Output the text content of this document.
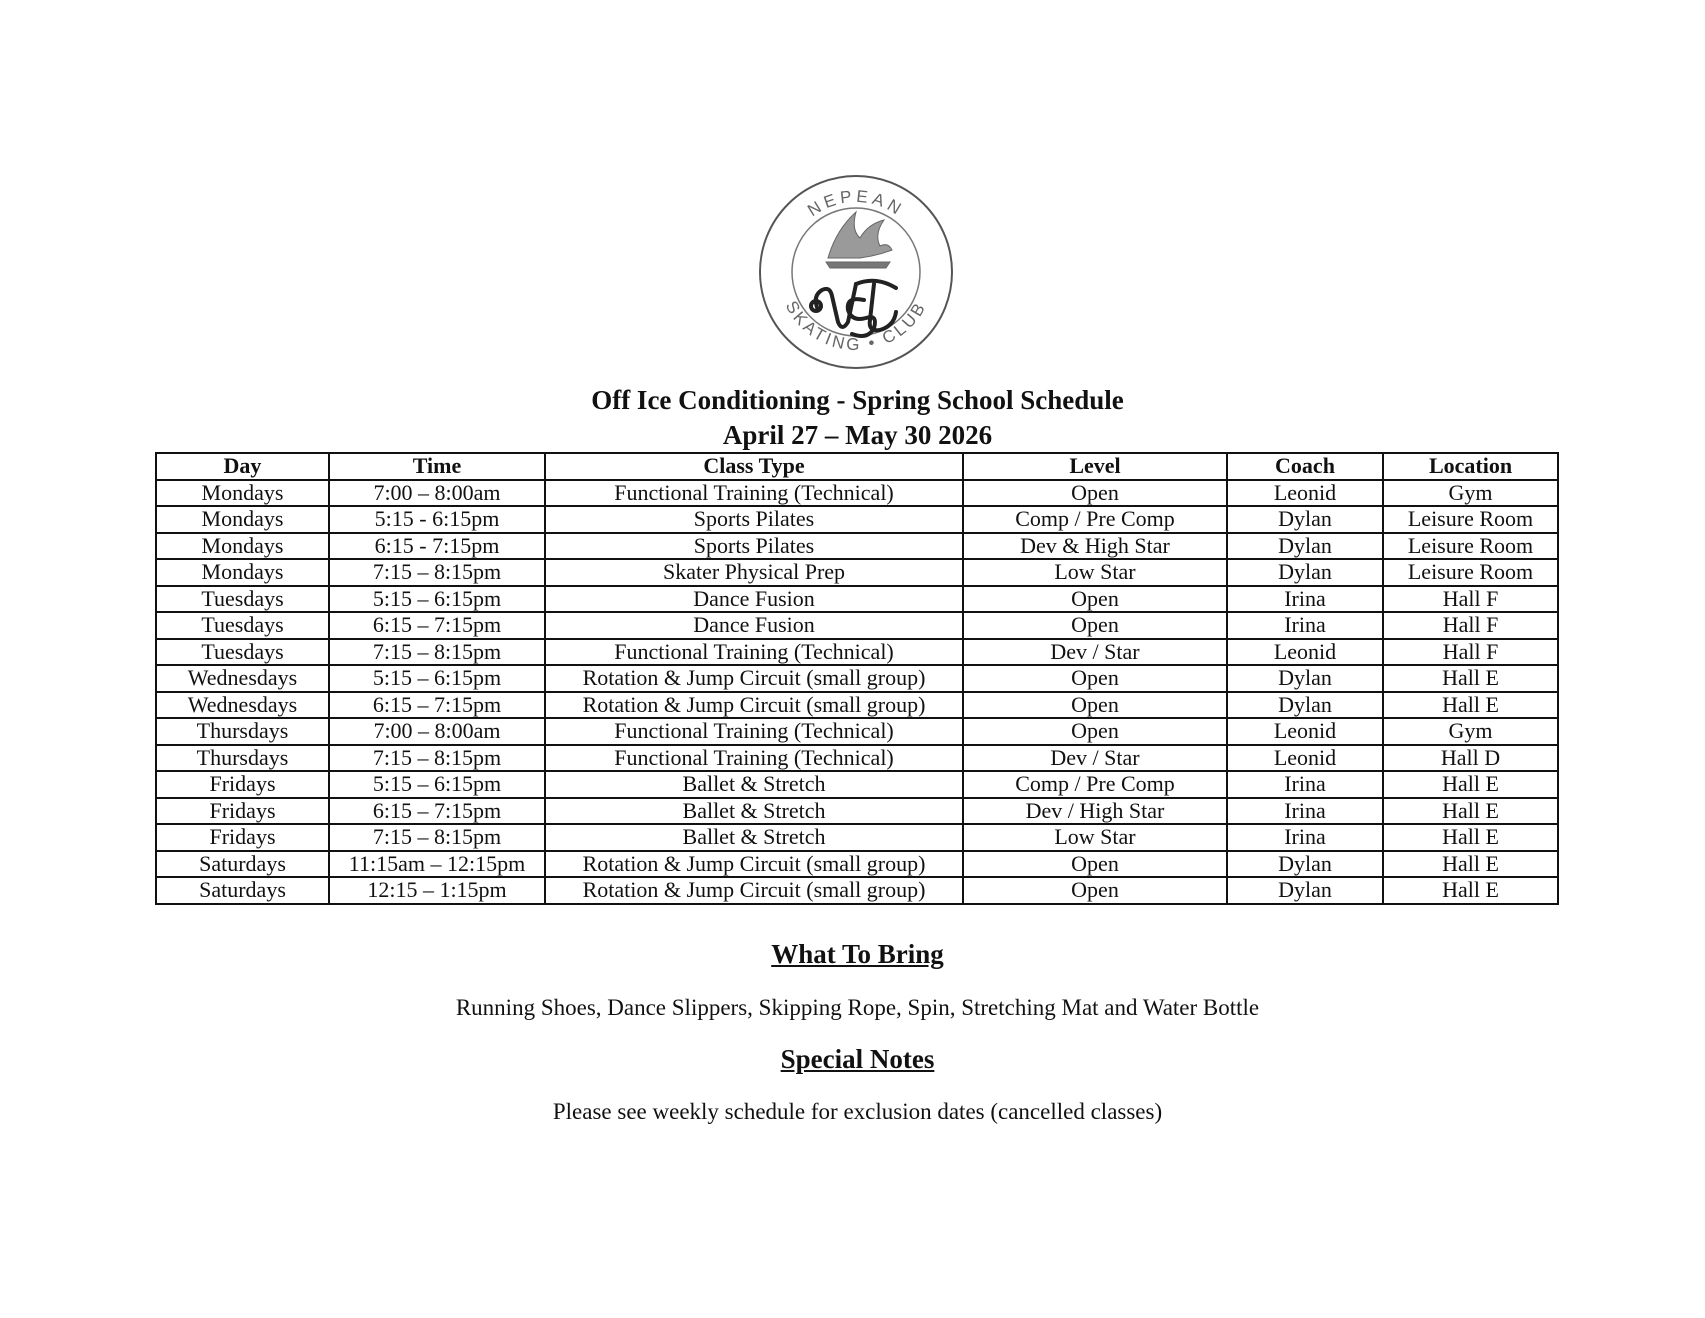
NEPEAN
SKATING • CLUB
Off Ice Conditioning - Spring School Schedule
April 27 – May 30 2026
Day	Time	Class Type	Level	Coach	Location
Mondays	7:00 – 8:00am	Functional Training (Technical)	Open	Leonid	Gym
Mondays	5:15 - 6:15pm	Sports Pilates	Comp / Pre Comp	Dylan	Leisure Room
Mondays	6:15 - 7:15pm	Sports Pilates	Dev & High Star	Dylan	Leisure Room
Mondays	7:15 – 8:15pm	Skater Physical Prep	Low Star	Dylan	Leisure Room
Tuesdays	5:15 – 6:15pm	Dance Fusion	Open	Irina	Hall F
Tuesdays	6:15 – 7:15pm	Dance Fusion	Open	Irina	Hall F
Tuesdays	7:15 – 8:15pm	Functional Training (Technical)	Dev / Star	Leonid	Hall F
Wednesdays	5:15 – 6:15pm	Rotation & Jump Circuit (small group)	Open	Dylan	Hall E
Wednesdays	6:15 – 7:15pm	Rotation & Jump Circuit (small group)	Open	Dylan	Hall E
Thursdays	7:00 – 8:00am	Functional Training (Technical)	Open	Leonid	Gym
Thursdays	7:15 – 8:15pm	Functional Training (Technical)	Dev / Star	Leonid	Hall D
Fridays	5:15 – 6:15pm	Ballet & Stretch	Comp / Pre Comp	Irina	Hall E
Fridays	6:15 – 7:15pm	Ballet & Stretch	Dev / High Star	Irina	Hall E
Fridays	7:15 – 8:15pm	Ballet & Stretch	Low Star	Irina	Hall E
Saturdays	11:15am – 12:15pm	Rotation & Jump Circuit (small group)	Open	Dylan	Hall E
Saturdays	12:15 – 1:15pm	Rotation & Jump Circuit (small group)	Open	Dylan	Hall E
What To Bring

Running Shoes, Dance Slippers, Skipping Rope, Spin, Stretching Mat and Water Bottle

Special Notes

Please see weekly schedule for exclusion dates (cancelled classes)
